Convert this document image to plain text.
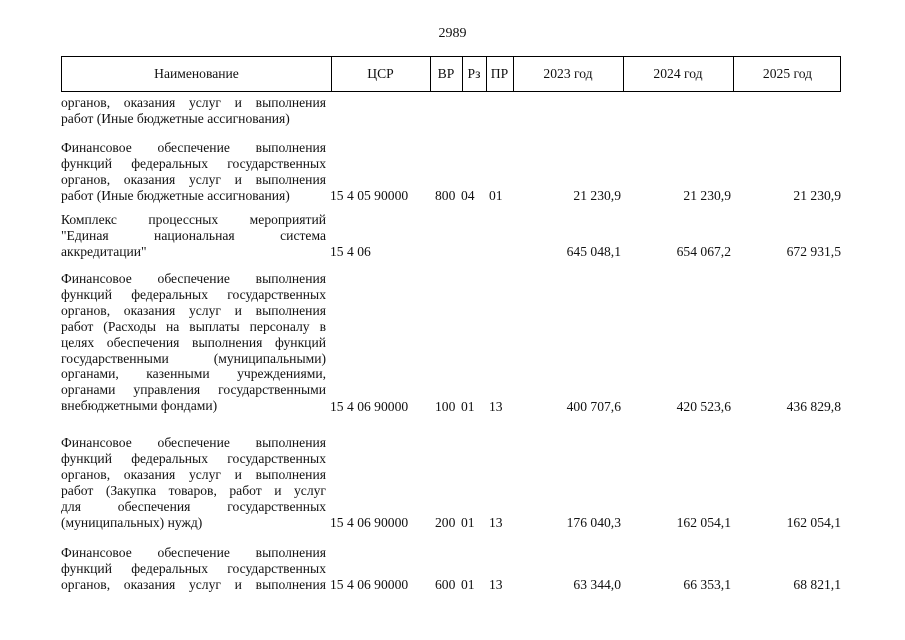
2989
Наименование	ЦСР	ВР Рз ПР	2023 год	2024 год	2025 год
органов, оказания услуг и выполнения
работ (Иные бюджетные ассигнования)
Финансовое обеспечение выполнения
функций федеральных государственных
органов, оказания услуг и выполнения
работ (Иные бюджетные ассигнования)	15 4 05 90000 800 04 01	21 230,9	21 230,9	21 230,9
Комплекс процессных мероприятий
"Единая национальная система
аккредитации"	15 4 06	645 048,1	654 067,2	672 931,5
Финансовое обеспечение выполнения
функций федеральных государственных
органов, оказания услуг и выполнения
работ (Расходы на выплаты персоналу в
целях обеспечения выполнения функций
государственными (муниципальными)
органами, казенными учреждениями,
органами управления государственными
внебюджетными фондами)	15 4 06 90000 100 01 13	400 707,6	420 523,6	436 829,8
Финансовое обеспечение выполнения
функций федеральных государственных
органов, оказания услуг и выполнения
работ (Закупка товаров, работ и услуг
для обеспечения государственных
(муниципальных) нужд)	15 4 06 90000 200 01 13	176 040,3	162 054,1	162 054,1
Финансовое обеспечение выполнения
функций федеральных государственных
органов, оказания услуг и выполнения 15 4 06 90000 600 01 13	63 344,0	66 353,1	68 821,1
